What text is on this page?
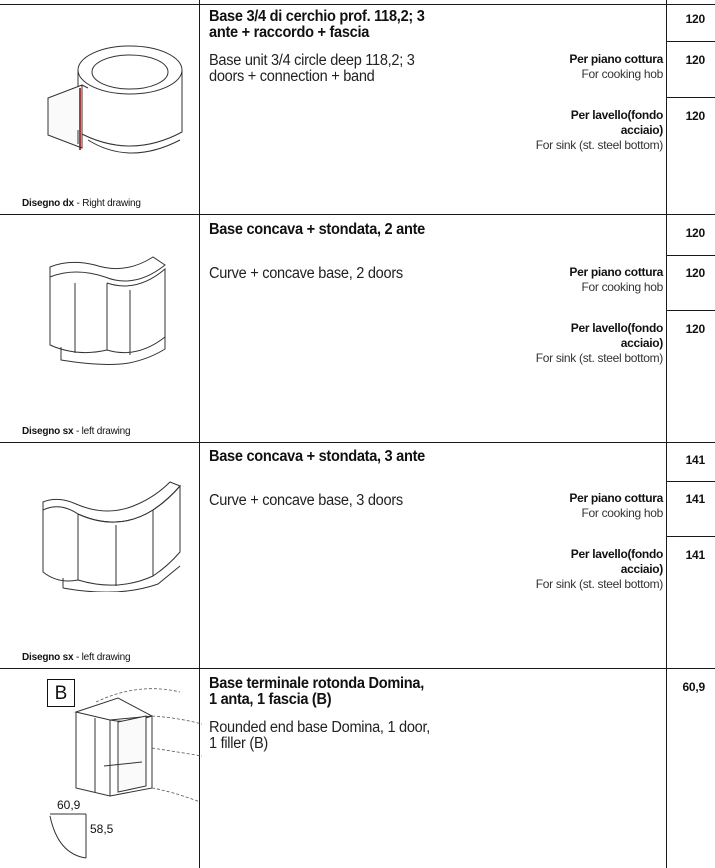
Base 3/4 di cerchio prof. 118,2; 3 ante + raccordo + fascia
Base unit 3/4 circle deep 118,2; 3 doors + connection + band
Disegno dx - Right drawing
120
Per piano cottura
For cooking hob
120
Per lavello(fondo acciaio)
For sink (st. steel bottom)
120
Base concava + stondata, 2 ante
Curve + concave base, 2 doors
Disegno sx - left drawing
120
Per piano cottura
For cooking hob
120
Per lavello(fondo acciaio)
For sink (st. steel bottom)
120
Base concava + stondata, 3 ante
Curve + concave base, 3 doors
Disegno sx - left drawing
141
Per piano cottura
For cooking hob
141
Per lavello(fondo acciaio)
For sink (st. steel bottom)
141
B
60,9
58,5
Base terminale rotonda Domina, 1 anta, 1 fascia (B)
Rounded end base Domina, 1 door, 1 filler (B)
60,9
